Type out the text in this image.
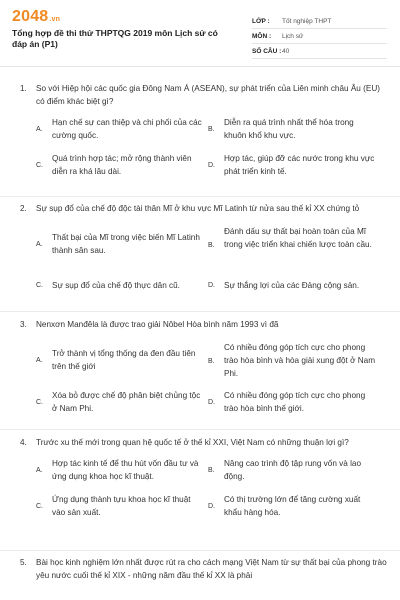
2048.vn
Tổng hợp đề thi thử THPTQG 2019 môn Lịch sử có đáp án (P1)
LỚP :	Tốt nghiệp THPT
MÔN :	Lịch sử
SỐ CÂU : 40
1. So với Hiệp hội các quốc gia Đông Nam Á (ASEAN), sự phát triển của Liên minh châu Âu (EU) có điểm khác biệt gì?
A.
Hạn chế sự can thiệp và chi phối của các cường quốc.
B.
Diễn ra quá trình nhất thể hóa trong khuôn khổ khu vực.
C.
Quá trình hợp tác; mở rộng thành viên diễn ra khá lâu dài.
D.
Hợp tác, giúp đỡ các nước trong khu vực phát triển kinh tế.
2. Sự sụp đổ của chế độ độc tài thân Mĩ ở khu vực Mĩ Latinh từ nửa sau thế kỉ XX chứng tỏ
A.
Thất bại của Mĩ trong việc biến Mĩ Latinh thành sân sau.
B.
Đánh dấu sự thất bại hoàn toàn của Mĩ trong việc triển khai chiến lược toàn cầu.
C. Sự sụp đổ của chế độ thực dân cũ.	D. Sự thắng lợi của các Đảng cộng sản.
3. Nenxơn Manđêla là được trao giải Nôbel Hòa bình năm 1993 vì đã
A.
Trở thành vị tổng thống da đen đầu tiên trên thế giới
B.
Có nhiều đóng góp tích cực cho phong trào hòa bình và hòa giải xung đột ở Nam Phi.
C.
Xóa bỏ được chế độ phân biệt chủng tộc ở Nam Phi.
D.
Có nhiều đóng góp tích cực cho phong trào hòa bình thế giới.
4. Trước xu thế mới trong quan hệ quốc tế ở thế kỉ XXI, Việt Nam có những thuận lợi gì?
A.
Hợp tác kinh tế để thu hút vốn đầu tư và ứng dụng khoa học kĩ thuật.
B.
Nâng cao trình độ tập rung vốn và lao động.
C.
Ứng dụng thành tựu khoa học kĩ thuật vào sản xuất.
D.
Có thị trường lớn để tăng cường xuất khẩu hàng hóa.
5. Bài học kinh nghiệm lớn nhất được rút ra cho cách mạng Việt Nam từ sự thất bại của phong trào yêu nước cuối thế kỉ XIX - những năm đầu thế kỉ XX là phải
